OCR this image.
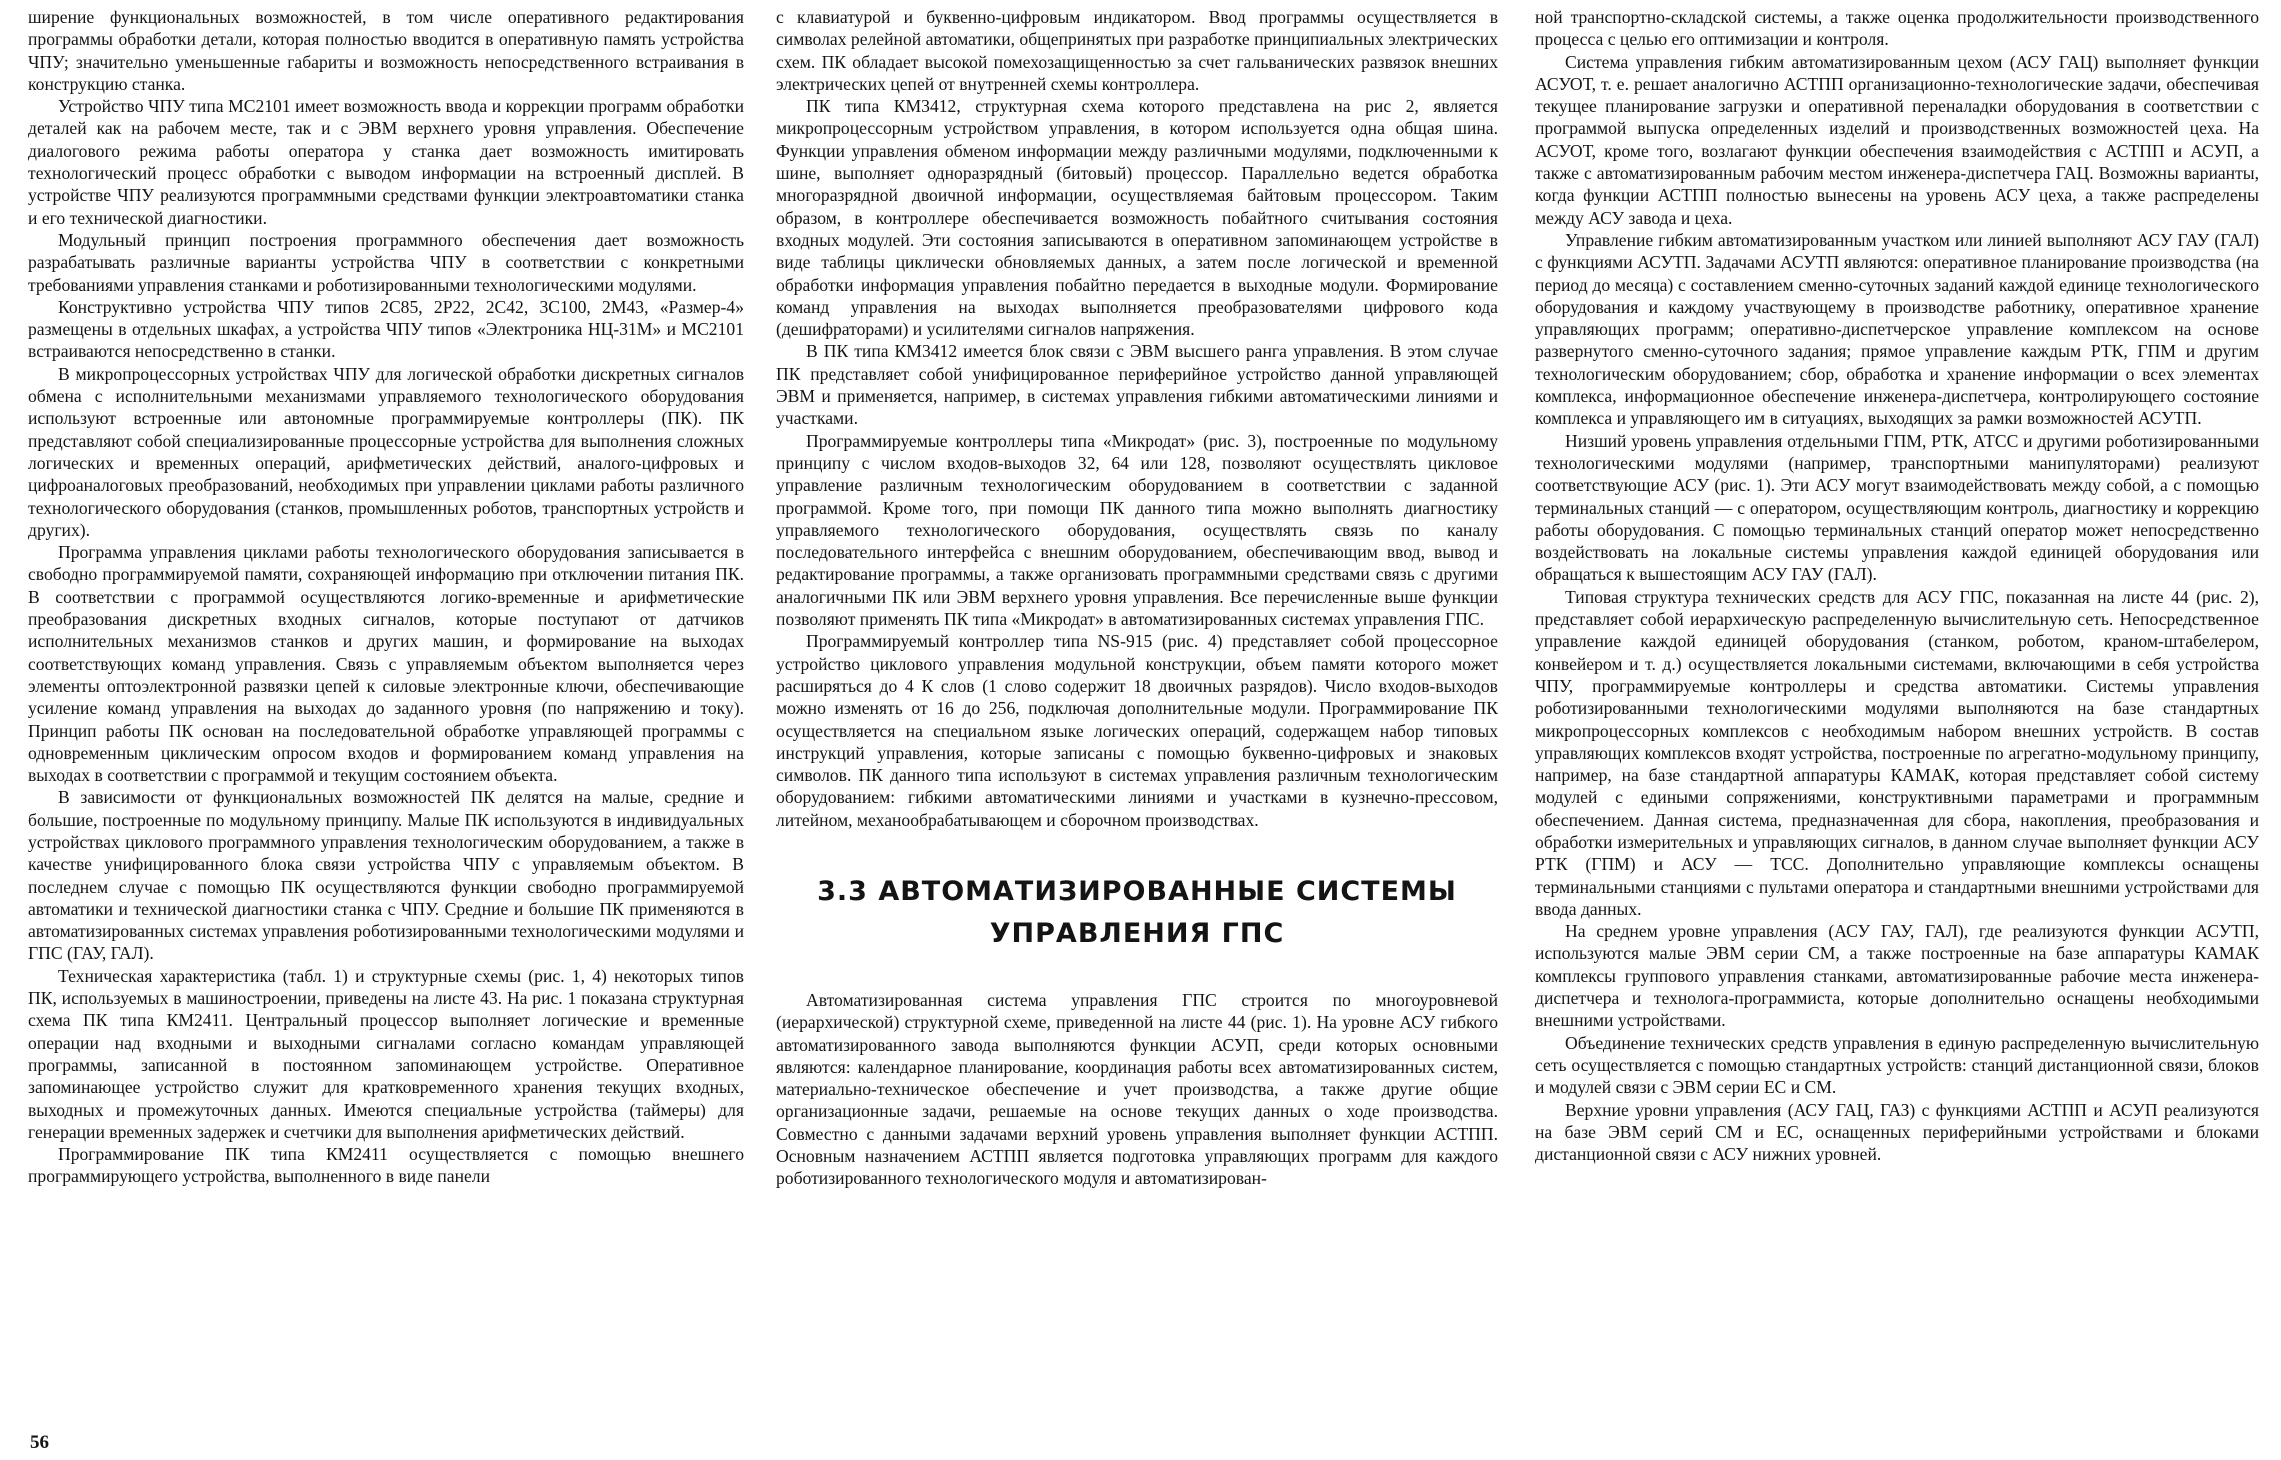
ширение функциональных возможностей, в том числе оперативного редактирования программы обработки детали, которая полностью вводится в оперативную память устройства ЧПУ; значительно уменьшенные габариты и возможность непосредственного встраивания в конструкцию станка.

Устройство ЧПУ типа МС2101 имеет возможность ввода и коррекции программ обработки деталей как на рабочем месте, так и с ЭВМ верхнего уровня управления. Обеспечение диалогового режима работы оператора у станка дает возможность имитировать технологический процесс обработки с выводом информации на встроенный дисплей. В устройстве ЧПУ реализуются программными средствами функции электроавтоматики станка и его технической диагностики.

Модульный принцип построения программного обеспечения дает возможность разрабатывать различные варианты устройства ЧПУ в соответствии с конкретными требованиями управления станками и роботизированными технологическими модулями.

Конструктивно устройства ЧПУ типов 2С85, 2Р22, 2С42, 3С100, 2М43, «Размер-4» размещены в отдельных шкафах, а устройства ЧПУ типов «Электроника НЦ-31М» и МС2101 встраиваются непосредственно в станки.

В микропроцессорных устройствах ЧПУ для логической обработки дискретных сигналов обмена с исполнительными механизмами управляемого технологического оборудования используют встроенные или автономные программируемые контроллеры (ПК). ПК представляют собой специализированные процессорные устройства для выполнения сложных логических и временных операций, арифметических действий, аналого-цифровых и цифроаналоговых преобразований, необходимых при управлении циклами работы различного технологического оборудования (станков, промышленных роботов, транспортных устройств и других).

Программа управления циклами работы технологического оборудования записывается в свободно программируемой памяти, сохраняющей информацию при отключении питания ПК. В соответствии с программой осуществляются логико-временные и арифметические преобразования дискретных входных сигналов, которые поступают от датчиков исполнительных механизмов станков и других машин, и формирование на выходах соответствующих команд управления. Связь с управляемым объектом выполняется через элементы оптоэлектронной развязки цепей к силовые электронные ключи, обеспечивающие усиление команд управления на выходах до заданного уровня (по напряжению и току). Принцип работы ПК основан на последовательной обработке управляющей программы с одновременным циклическим опросом входов и формированием команд управления на выходах в соответствии с программой и текущим состоянием объекта.

В зависимости от функциональных возможностей ПК делятся на малые, средние и большие, построенные по модульному принципу. Малые ПК используются в индивидуальных устройствах циклового программного управления технологическим оборудованием, а также в качестве унифицированного блока связи устройства ЧПУ с управляемым объектом. В последнем случае с помощью ПК осуществляются функции свободно программируемой автоматики и технической диагностики станка с ЧПУ. Средние и большие ПК применяются в автоматизированных системах управления роботизированными технологическими модулями и ГПС (ГАУ, ГАЛ).

Техническая характеристика (табл. 1) и структурные схемы (рис. 1, 4) некоторых типов ПК, используемых в машиностроении, приведены на листе 43. На рис. 1 показана структурная схема ПК типа КМ2411. Центральный процессор выполняет логические и временные операции над входными и выходными сигналами согласно командам управляющей программы, записанной в постоянном запоминающем устройстве. Оперативное запоминающее устройство служит для кратковременного хранения текущих входных, выходных и промежуточных данных. Имеются специальные устройства (таймеры) для генерации временных задержек и счетчики для выполнения арифметических действий.

Программирование ПК типа КМ2411 осуществляется с помощью внешнего программирующего устройства, выполненного в виде панели

с клавиатурой и буквенно-цифровым индикатором. Ввод программы осуществляется в символах релейной автоматики, общепринятых при разработке принципиальных электрических схем. ПК обладает высокой помехозащищенностью за счет гальванических развязок внешних электрических цепей от внутренней схемы контроллера.

ПК типа КМ3412, структурная схема которого представлена на рис 2, является микропроцессорным устройством управления, в котором используется одна общая шина. Функции управления обменом информации между различными модулями, подключенными к шине, выполняет одноразрядный (битовый) процессор. Параллельно ведется обработка многоразрядной двоичной информации, осуществляемая байтовым процессором. Таким образом, в контроллере обеспечивается возможность побайтного считывания состояния входных модулей. Эти состояния записываются в оперативном запоминающем устройстве в виде таблицы циклически обновляемых данных, а затем после логической и временной обработки информация управления побайтно передается в выходные модули. Формирование команд управления на выходах выполняется преобразователями цифрового кода (дешифраторами) и усилителями сигналов напряжения.

В ПК типа КМ3412 имеется блок связи с ЭВМ высшего ранга управления. В этом случае ПК представляет собой унифицированное периферийное устройство данной управляющей ЭВМ и применяется, например, в системах управления гибкими автоматическими линиями и участками.

Программируемые контроллеры типа «Микродат» (рис. 3), построенные по модульному принципу с числом входов-выходов 32, 64 или 128, позволяют осуществлять цикловое управление различным технологическим оборудованием в соответствии с заданной программой. Кроме того, при помощи ПК данного типа можно выполнять диагностику управляемого технологического оборудования, осуществлять связь по каналу последовательного интерфейса с внешним оборудованием, обеспечивающим ввод, вывод и редактирование программы, а также организовать программными средствами связь с другими аналогичными ПК или ЭВМ верхнего уровня управления. Все перечисленные выше функции позволяют применять ПК типа «Микродат» в автоматизированных системах управления ГПС.

Программируемый контроллер типа NS-915 (рис. 4) представляет собой процессорное устройство циклового управления модульной конструкции, объем памяти которого может расширяться до 4 К слов (1 слово содержит 18 двоичных разрядов). Число входов-выходов можно изменять от 16 до 256, подключая дополнительные модули. Программирование ПК осуществляется на специальном языке логических операций, содержащем набор типовых инструкций управления, которые записаны с помощью буквенно-цифровых и знаковых символов. ПК данного типа используют в системах управления различным технологическим оборудованием: гибкими автоматическими линиями и участками в кузнечно-прессовом, литейном, механообрабатывающем и сборочном производствах.

3.3 АВТОМАТИЗИРОВАННЫЕ СИСТЕМЫ
УПРАВЛЕНИЯ ГПС

Автоматизированная система управления ГПС строится по многоуровневой (иерархической) структурной схеме, приведенной на листе 44 (рис. 1). На уровне АСУ гибкого автоматизированного завода выполняются функции АСУП, среди которых основными являются: календарное планирование, координация работы всех автоматизированных систем, материально-техническое обеспечение и учет производства, а также другие общие организационные задачи, решаемые на основе текущих данных о ходе производства. Совместно с данными задачами верхний уровень управления выполняет функции АСТПП. Основным назначением АСТПП является подготовка управляющих программ для каждого роботизированного технологического модуля и автоматизирован-

ной транспортно-складской системы, а также оценка продолжительности производственного процесса с целью его оптимизации и контроля.

Система управления гибким автоматизированным цехом (АСУ ГАЦ) выполняет функции АСУОТ, т. е. решает аналогично АСТПП организационно-технологические задачи, обеспечивая текущее планирование загрузки и оперативной переналадки оборудования в соответствии с программой выпуска определенных изделий и производственных возможностей цеха. На АСУОТ, кроме того, возлагают функции обеспечения взаимодействия с АСТПП и АСУП, а также с автоматизированным рабочим местом инженера-диспетчера ГАЦ. Возможны варианты, когда функции АСТПП полностью вынесены на уровень АСУ цеха, а также распределены между АСУ завода и цеха.

Управление гибким автоматизированным участком или линией выполняют АСУ ГАУ (ГАЛ) с функциями АСУТП. Задачами АСУТП являются: оперативное планирование производства (на период до месяца) с составлением сменно-суточных заданий каждой единице технологического оборудования и каждому участвующему в производстве работнику, оперативное хранение управляющих программ; оперативно-диспетчерское управление комплексом на основе развернутого сменно-суточного задания; прямое управление каждым РТК, ГПМ и другим технологическим оборудованием; сбор, обработка и хранение информации о всех элементах комплекса, информационное обеспечение инженера-диспетчера, контролирующего состояние комплекса и управляющего им в ситуациях, выходящих за рамки возможностей АСУТП.

Низший уровень управления отдельными ГПМ, РТК, АТСС и другими роботизированными технологическими модулями (например, транспортными манипуляторами) реализуют соответствующие АСУ (рис. 1). Эти АСУ могут взаимодействовать между собой, а с помощью терминальных станций — с оператором, осуществляющим контроль, диагностику и коррекцию работы оборудования. С помощью терминальных станций оператор может непосредственно воздействовать на локальные системы управления каждой единицей оборудования или обращаться к вышестоящим АСУ ГАУ (ГАЛ).

Типовая структура технических средств для АСУ ГПС, показанная на листе 44 (рис. 2), представляет собой иерархическую распределенную вычислительную сеть. Непосредственное управление каждой единицей оборудования (станком, роботом, краном-штабелером, конвейером и т. д.) осуществляется локальными системами, включающими в себя устройства ЧПУ, программируемые контроллеры и средства автоматики. Системы управления роботизированными технологическими модулями выполняются на базе стандартных микропроцессорных комплексов с необходимым набором внешних устройств. В состав управляющих комплексов входят устройства, построенные по агрегатно-модульному принципу, например, на базе стандартной аппаратуры КАМАК, которая представляет собой систему модулей с едиными сопряжениями, конструктивными параметрами и программным обеспечением. Данная система, предназначенная для сбора, накопления, преобразования и обработки измерительных и управляющих сигналов, в данном случае выполняет функции АСУ РТК (ГПМ) и АСУ — ТСС. Дополнительно управляющие комплексы оснащены терминальными станциями с пультами оператора и стандартными внешними устройствами для ввода данных.

На среднем уровне управления (АСУ ГАУ, ГАЛ), где реализуются функции АСУТП, используются малые ЭВМ серии СМ, а также построенные на базе аппаратуры КАМАК комплексы группового управления станками, автоматизированные рабочие места инженера-диспетчера и технолога-программиста, которые дополнительно оснащены необходимыми внешними устройствами.

Объединение технических средств управления в единую распределенную вычислительную сеть осуществляется с помощью стандартных устройств: станций дистанционной связи, блоков и модулей связи с ЭВМ серии ЕС и СМ.

Верхние уровни управления (АСУ ГАЦ, ГАЗ) с функциями АСТПП и АСУП реализуются на базе ЭВМ серий СМ и ЕС, оснащенных периферийными устройствами и блоками дистанционной связи с АСУ нижних уровней.

56
